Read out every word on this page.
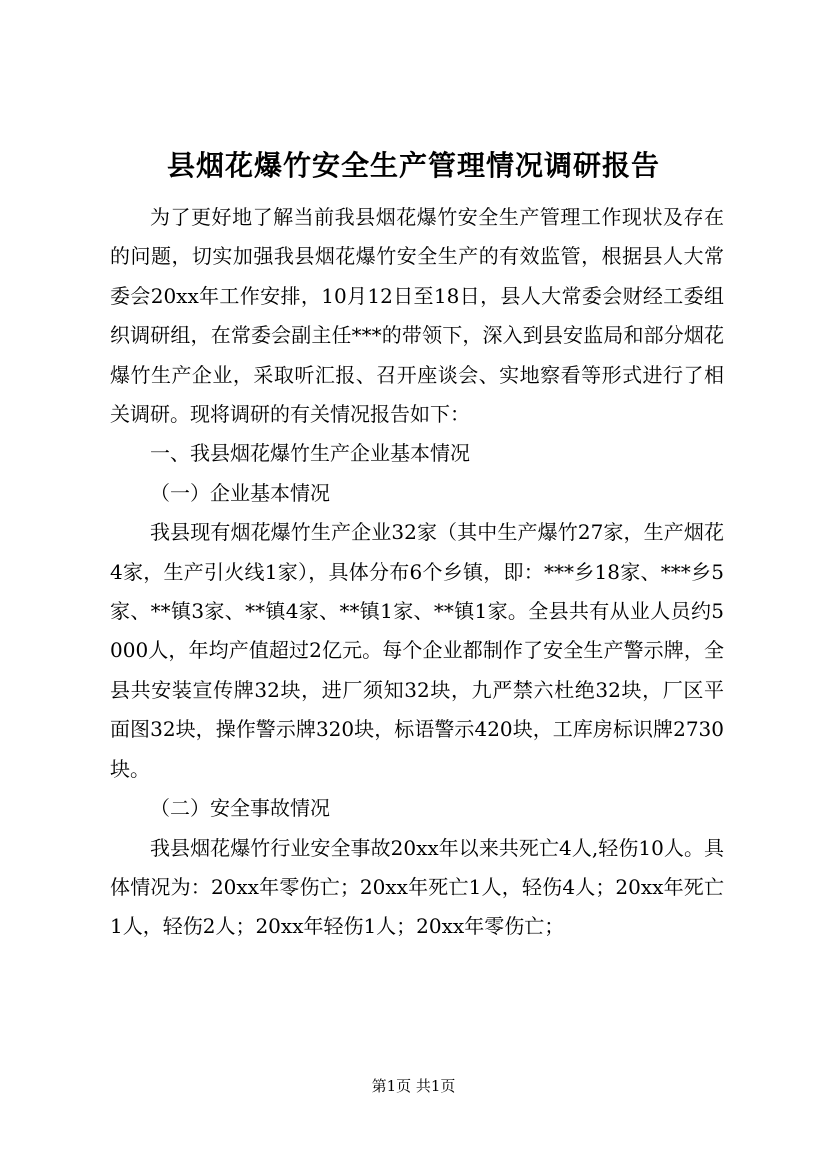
县烟花爆竹安全生产管理情况调研报告

为了更好地了解当前我县烟花爆竹安全生产管理工作现状及存在的问题，切实加强我县烟花爆竹安全生产的有效监管，根据县人大常委会20xx年工作安排，10月12日至18日，县人大常委会财经工委组织调研组，在常委会副主任***的带领下，深入到县安监局和部分烟花爆竹生产企业，采取听汇报、召开座谈会、实地察看等形式进行了相关调研。现将调研的有关情况报告如下：

一、我县烟花爆竹生产企业基本情况

（一）企业基本情况

我县现有烟花爆竹生产企业32家（其中生产爆竹27家，生产烟花4家，生产引火线1家），具体分布6个乡镇，即：***乡18家、***乡5家、**镇3家、**镇4家、**镇1家、**镇1家。全县共有从业人员约5000人，年均产值超过2亿元。每个企业都制作了安全生产警示牌，全县共安装宣传牌32块，进厂须知32块，九严禁六杜绝32块，厂区平面图32块，操作警示牌320块，标语警示420块，工库房标识牌2730块。

（二）安全事故情况

我县烟花爆竹行业安全事故20xx年以来共死亡4人,轻伤10人。具体情况为：20xx年零伤亡；20xx年死亡1人，轻伤4人；20xx年死亡1人，轻伤2人；20xx年轻伤1人；20xx年零伤亡；

第1页 共1页
